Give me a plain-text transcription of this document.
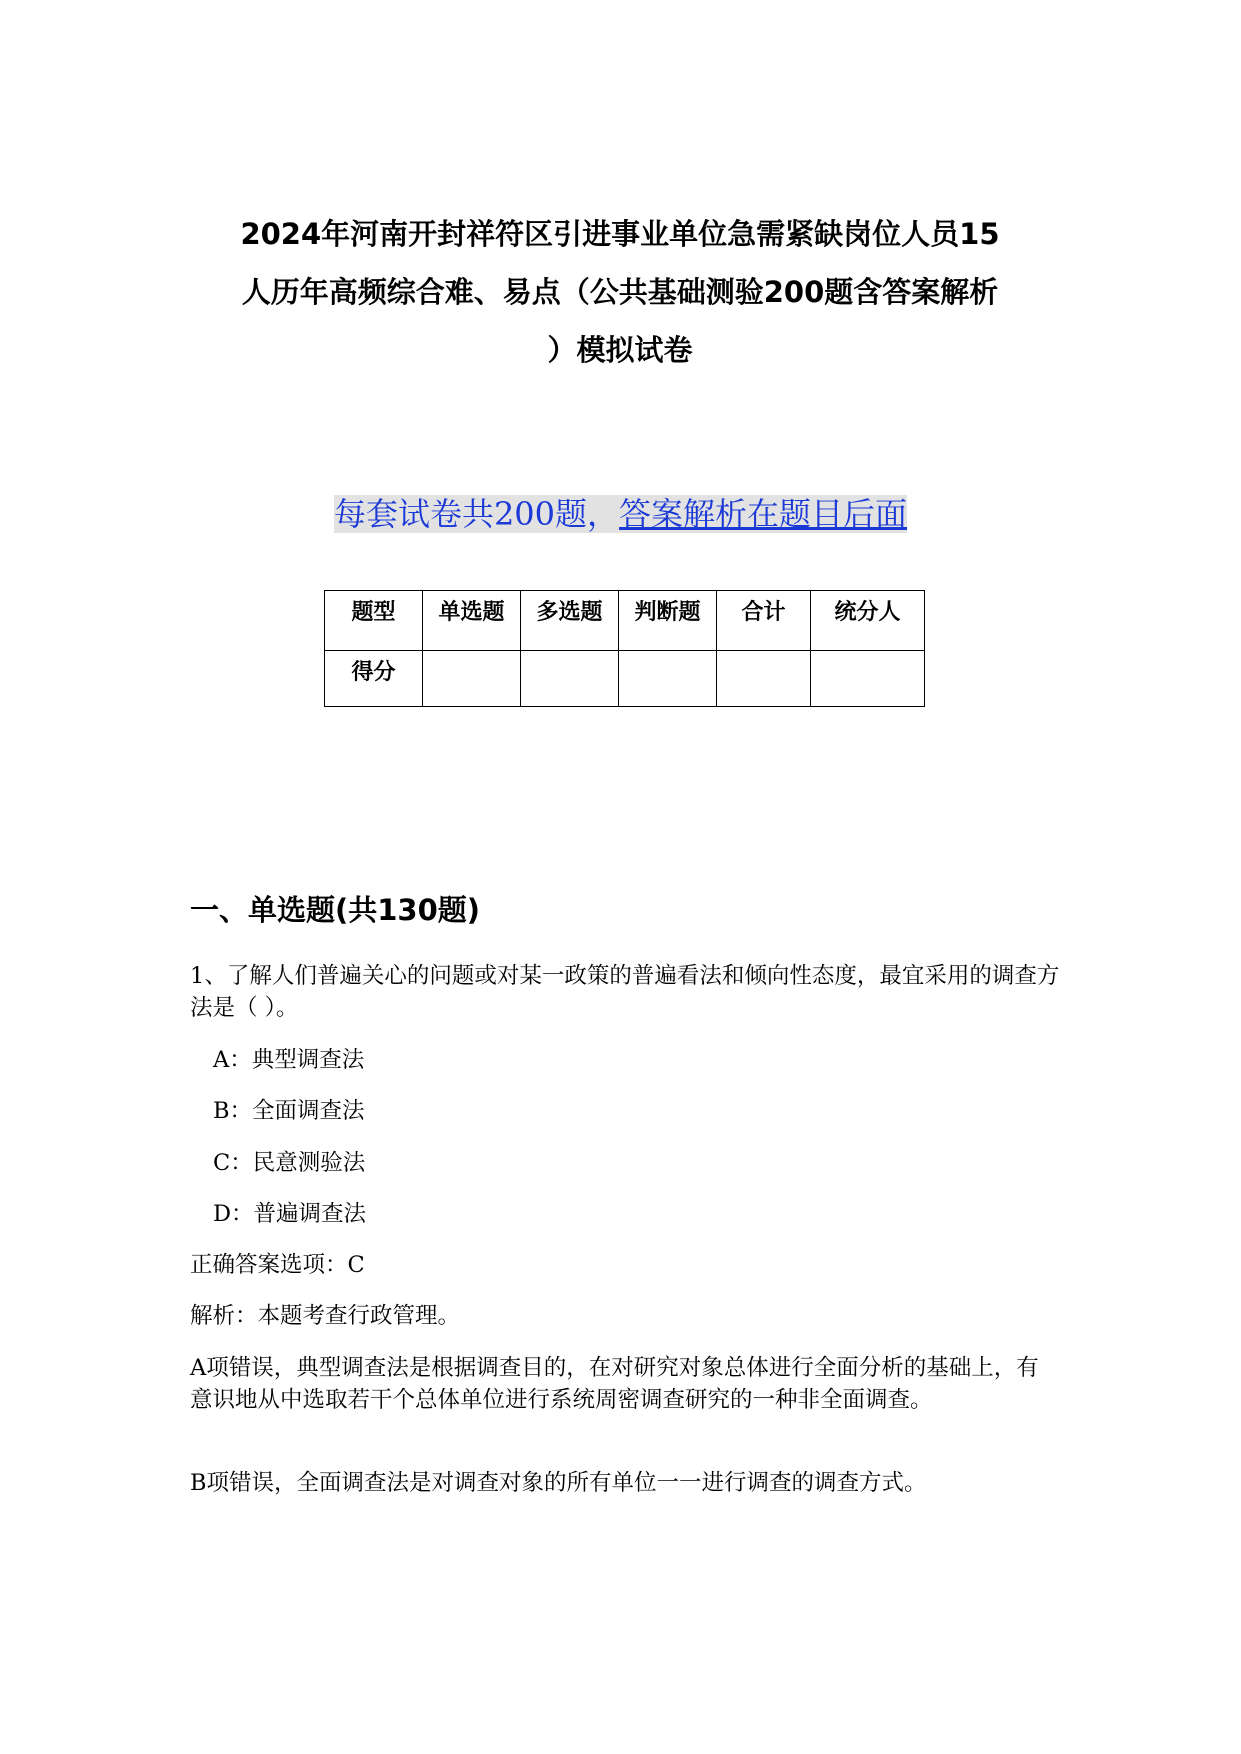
2024年河南开封祥符区引进事业单位急需紧缺岗位人员15
人历年高频综合难、易点（公共基础测验200题含答案解析
）模拟试卷
每套试卷共200题，答案解析在题目后面
题型	单选题	多选题	判断题	合计	统分人
得分					
一、单选题(共130题)

1、了解人们普遍关心的问题或对某一政策的普遍看法和倾向性态度，最宜采用的调查方法是（ ）。

A：典型调查法

B：全面调查法

C：民意测验法

D：普遍调查法

正确答案选项：C

解析：本题考查行政管理。

A项错误，典型调查法是根据调查目的，在对研究对象总体进行全面分析的基础上，有意识地从中选取若干个总体单位进行系统周密调查研究的一种非全面调查。

B项错误，全面调查法是对调查对象的所有单位一一进行调查的调查方式。
